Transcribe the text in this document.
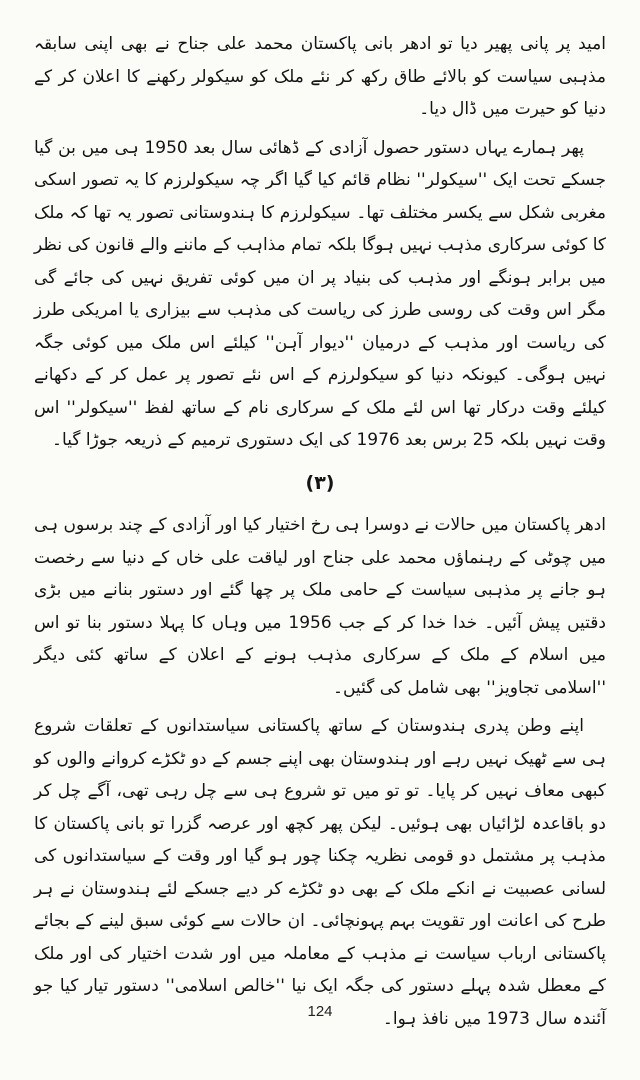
امید پر پانی پھیر دیا تو ادھر بانی پاکستان محمد علی جناح نے بھی اپنی سابقہ مذہبی سیاست کو بالائے طاق رکھ کر نئے ملک کو سیکولر رکھنے کا اعلان کر کے دنیا کو حیرت میں ڈال دیا۔

پھر ہمارے یہاں دستور حصول آزادی کے ڈھائی سال بعد 1950 ہی میں بن گیا جسکے تحت ایک ''سیکولر'' نظام قائم کیا گیا اگر چہ سیکولرزم کا یہ تصور اسکی مغربی شکل سے یکسر مختلف تھا۔ سیکولرزم کا ہندوستانی تصور یہ تھا کہ ملک کا کوئی سرکاری مذہب نہیں ہوگا بلکہ تمام مذاہب کے ماننے والے قانون کی نظر میں برابر ہونگے اور مذہب کی بنیاد پر ان میں کوئی تفریق نہیں کی جائے گی مگر اس وقت کی روسی طرز کی ریاست کی مذہب سے بیزاری یا امریکی طرز کی ریاست اور مذہب کے درمیان ''دیوار آہن'' کیلئے اس ملک میں کوئی جگہ نہیں ہوگی۔ کیونکہ دنیا کو سیکولرزم کے اس نئے تصور پر عمل کر کے دکھانے کیلئے وقت درکار تھا اس لئے ملک کے سرکاری نام کے ساتھ لفظ ''سیکولر'' اس وقت نہیں بلکہ 25 برس بعد 1976 کی ایک دستوری ترمیم کے ذریعہ جوڑا گیا۔

(۳)

ادھر پاکستان میں حالات نے دوسرا ہی رخ اختیار کیا اور آزادی کے چند برسوں ہی میں چوٹی کے رہنماؤں محمد علی جناح اور لیاقت علی خاں کے دنیا سے رخصت ہو جانے پر مذہبی سیاست کے حامی ملک پر چھا گئے اور دستور بنانے میں بڑی دقتیں پیش آئیں۔ خدا خدا کر کے جب 1956 میں وہاں کا پہلا دستور بنا تو اس میں اسلام کے ملک کے سرکاری مذہب ہونے کے اعلان کے ساتھ کئی دیگر ''اسلامی تجاویز'' بھی شامل کی گئیں۔

اپنے وطن پدری ہندوستان کے ساتھ پاکستانی سیاستدانوں کے تعلقات شروع ہی سے ٹھیک نہیں رہے اور ہندوستان بھی اپنے جسم کے دو ٹکڑے کروانے والوں کو کبھی معاف نہیں کر پایا۔ تو تو میں تو شروع ہی سے چل رہی تھی، آگے چل کر دو باقاعدہ لڑائیاں بھی ہوئیں۔ لیکن پھر کچھ اور عرصہ گزرا تو بانی پاکستان کا مذہب پر مشتمل دو قومی نظریہ چکنا چور ہو گیا اور وقت کے سیاستدانوں کی لسانی عصبیت نے انکے ملک کے بھی دو ٹکڑے کر دیے جسکے لئے ہندوستان نے ہر طرح کی اعانت اور تقویت بہم پہونچائی۔ ان حالات سے کوئی سبق لینے کے بجائے پاکستانی ارباب سیاست نے مذہب کے معاملہ میں اور شدت اختیار کی اور ملک کے معطل شدہ پہلے دستور کی جگہ ایک نیا ''خالص اسلامی'' دستور تیار کیا جو آئندہ سال 1973 میں نافذ ہوا۔

124
